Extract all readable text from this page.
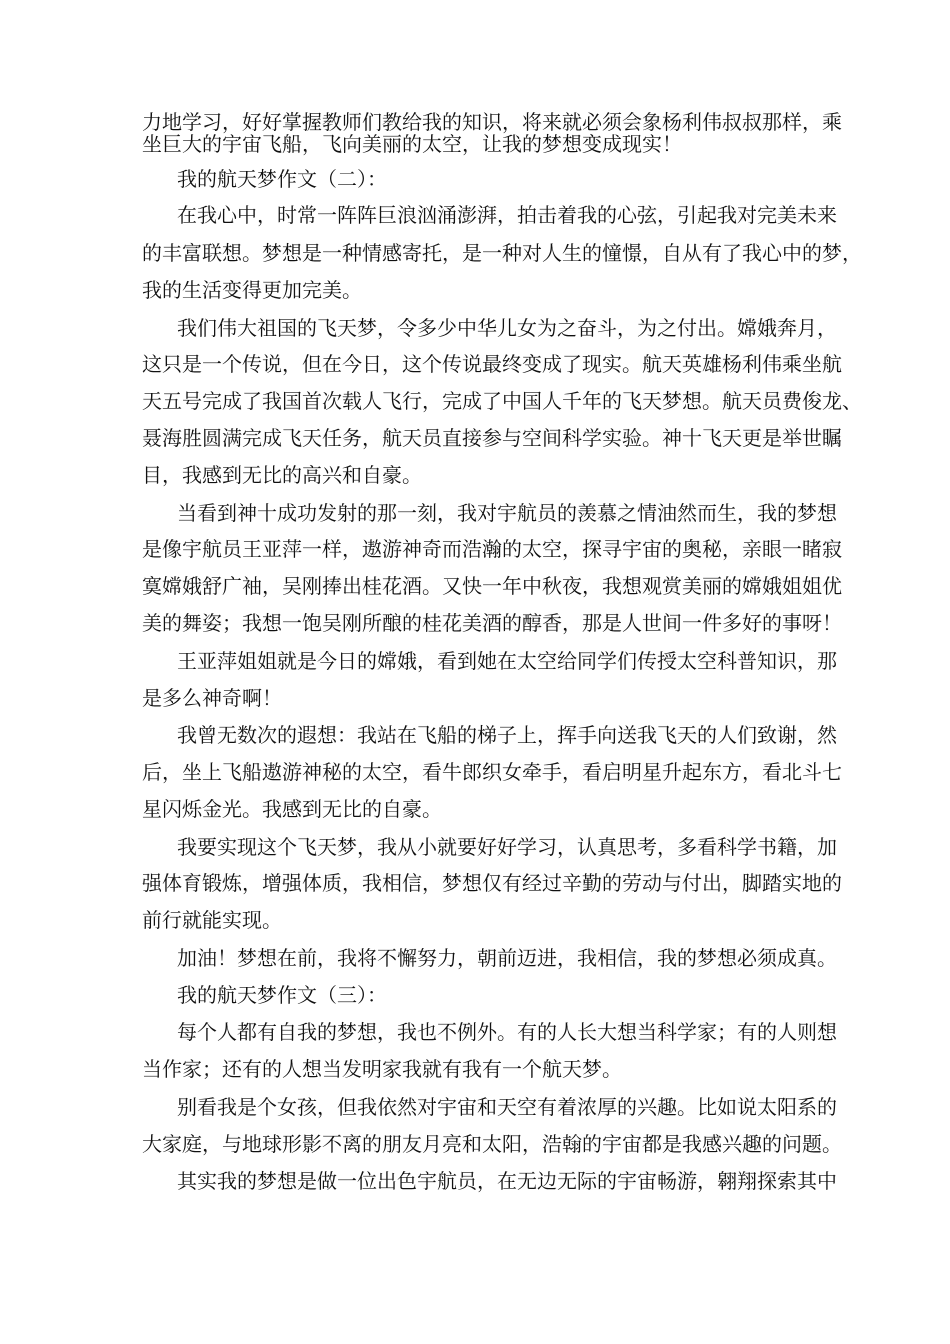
力地学习，好好掌握教师们教给我的知识，将来就必须会象杨利伟叔叔那样，乘
坐巨大的宇宙飞船，飞向美丽的太空，让我的梦想变成现实！
我的航天梦作文（二）：
在我心中，时常一阵阵巨浪汹涌澎湃，拍击着我的心弦，引起我对完美未来
的丰富联想。梦想是一种情感寄托，是一种对人生的憧憬，自从有了我心中的梦，
我的生活变得更加完美。
我们伟大祖国的飞天梦，令多少中华儿女为之奋斗，为之付出。嫦娥奔月，
这只是一个传说，但在今日，这个传说最终变成了现实。航天英雄杨利伟乘坐航
天五号完成了我国首次载人飞行，完成了中国人千年的飞天梦想。航天员费俊龙、
聂海胜圆满完成飞天任务，航天员直接参与空间科学实验。神十飞天更是举世瞩
目，我感到无比的高兴和自豪。
当看到神十成功发射的那一刻，我对宇航员的羡慕之情油然而生，我的梦想
是像宇航员王亚萍一样，遨游神奇而浩瀚的太空，探寻宇宙的奥秘，亲眼一睹寂
寞嫦娥舒广袖，吴刚捧出桂花酒。又快一年中秋夜，我想观赏美丽的嫦娥姐姐优
美的舞姿；我想一饱吴刚所酿的桂花美酒的醇香，那是人世间一件多好的事呀！
王亚萍姐姐就是今日的嫦娥，看到她在太空给同学们传授太空科普知识，那
是多么神奇啊！
我曾无数次的遐想：我站在飞船的梯子上，挥手向送我飞天的人们致谢，然
后，坐上飞船遨游神秘的太空，看牛郎织女牵手，看启明星升起东方，看北斗七
星闪烁金光。我感到无比的自豪。
我要实现这个飞天梦，我从小就要好好学习，认真思考，多看科学书籍，加
强体育锻炼，增强体质，我相信，梦想仅有经过辛勤的劳动与付出，脚踏实地的
前行就能实现。
加油！梦想在前，我将不懈努力，朝前迈进，我相信，我的梦想必须成真。
我的航天梦作文（三）：
每个人都有自我的梦想，我也不例外。有的人长大想当科学家；有的人则想
当作家；还有的人想当发明家我就有我有一个航天梦。
别看我是个女孩，但我依然对宇宙和天空有着浓厚的兴趣。比如说太阳系的
大家庭，与地球形影不离的朋友月亮和太阳，浩翰的宇宙都是我感兴趣的问题。
其实我的梦想是做一位出色宇航员，在无边无际的宇宙畅游，翱翔探索其中
